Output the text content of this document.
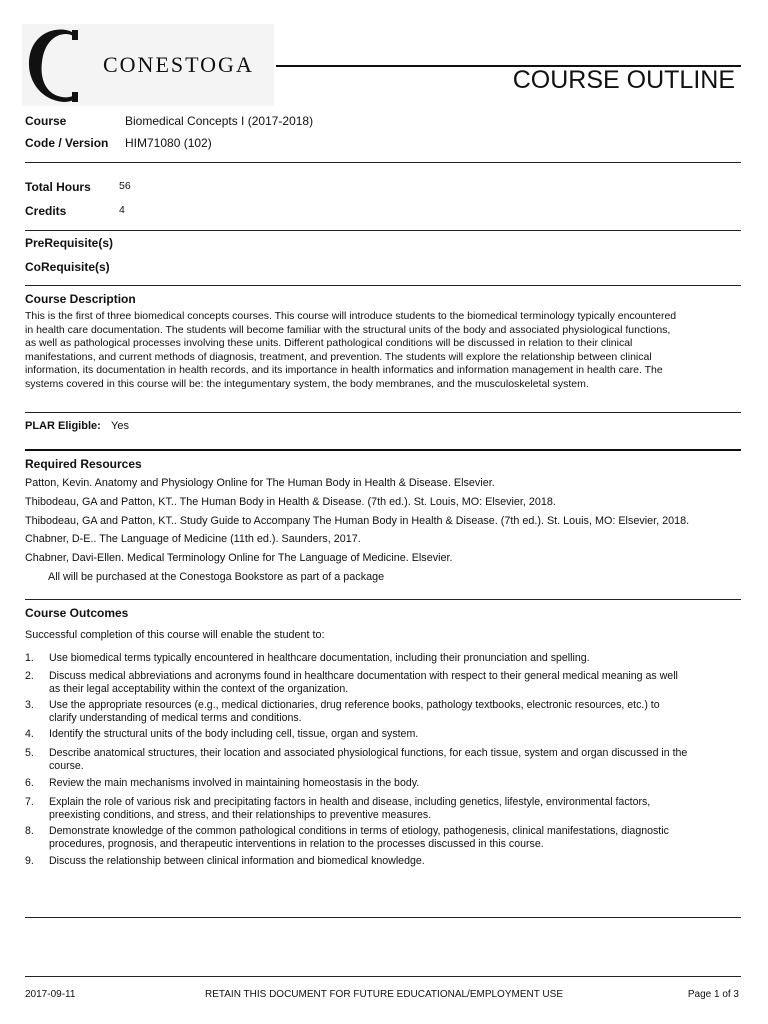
CONESTOGA
COURSE OUTLINE
Course	Biomedical Concepts I (2017-2018)
Code / Version HIM71080 (102)
Total Hours	56
Credits	4
PreRequisite(s)
CoRequisite(s)
Course Description
This is the first of three biomedical concepts courses. This course will introduce students to the biomedical terminology typically encountered
in health care documentation. The students will become familiar with the structural units of the body and associated physiological functions,
as well as pathological processes involving these units. Different pathological conditions will be discussed in relation to their clinical
manifestations, and current methods of diagnosis, treatment, and prevention. The students will explore the relationship between clinical
information, its documentation in health records, and its importance in health informatics and information management in health care. The
systems covered in this course will be: the integumentary system, the body membranes, and the musculoskeletal system.
PLAR Eligible: Yes
Required Resources
Patton, Kevin. Anatomy and Physiology Online for The Human Body in Health & Disease. Elsevier.
Thibodeau, GA and Patton, KT.. The Human Body in Health & Disease. (7th ed.). St. Louis, MO: Elsevier, 2018.
Thibodeau, GA and Patton, KT.. Study Guide to Accompany The Human Body in Health & Disease. (7th ed.). St. Louis, MO: Elsevier, 2018.
Chabner, D-E.. The Language of Medicine (11th ed.). Saunders, 2017.
Chabner, Davi-Ellen. Medical Terminology Online for The Language of Medicine. Elsevier.
All will be purchased at the Conestoga Bookstore as part of a package
Course Outcomes
Successful completion of this course will enable the student to:
1. Use biomedical terms typically encountered in healthcare documentation, including their pronunciation and spelling.
2. Discuss medical abbreviations and acronyms found in healthcare documentation with respect to their general medical meaning as well
as their legal acceptability within the context of the organization.
3. Use the appropriate resources (e.g., medical dictionaries, drug reference books, pathology textbooks, electronic resources, etc.) to
clarify understanding of medical terms and conditions.
4. Identify the structural units of the body including cell, tissue, organ and system.
5. Describe anatomical structures, their location and associated physiological functions, for each tissue, system and organ discussed in the
course.
6. Review the main mechanisms involved in maintaining homeostasis in the body.
7. Explain the role of various risk and precipitating factors in health and disease, including genetics, lifestyle, environmental factors,
preexisting conditions, and stress, and their relationships to preventive measures.
8. Demonstrate knowledge of the common pathological conditions in terms of etiology, pathogenesis, clinical manifestations, diagnostic
procedures, prognosis, and therapeutic interventions in relation to the processes discussed in this course.
9. Discuss the relationship between clinical information and biomedical knowledge.
2017-09-11	RETAIN THIS DOCUMENT FOR FUTURE EDUCATIONAL/EMPLOYMENT USE	Page 1 of 3
